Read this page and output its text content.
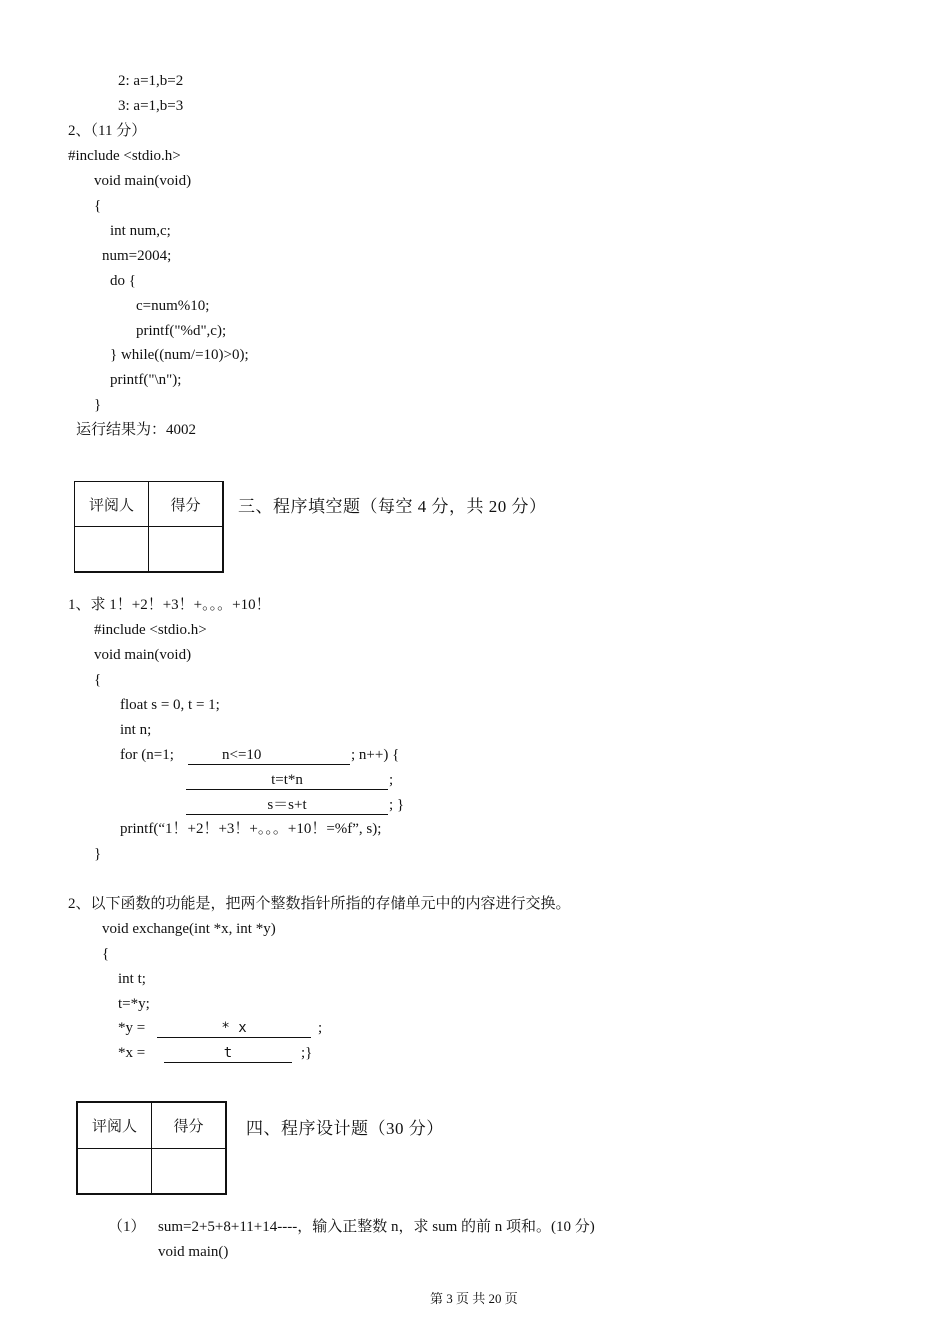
2: a=1,b=2
3: a=1,b=3
2、（11 分）
#include <stdio.h>
void main(void)
{
int num,c;
num=2004;
do {
c=num%10;
printf("%d",c);
} while((num/=10)>0);
printf("\n");
}
运行结果为：4002
评阅人	得分
	三、程序填空题（每空 4 分，共 20 分）
1、求 1！+2！+3！+。。。+10！
#include <stdio.h>
void main(void)
{
float s = 0, t = 1;
int n;
for (n=1;	n<=10	; n++) {
t=t*n	;
s＝s+t	; }
printf(“1！+2！+3！+。。。+10！=%f”, s);
}
2、以下函数的功能是，把两个整数指针所指的存储单元中的内容进行交换。
void exchange(int *x, int *y)
{
int t;
t=*y;
*y =	* x	;
*x =	t	;}
评阅人	得分
		四、程序设计题（30 分）
（1） sum=2+5+8+11+14----，输入正整数 n，求 sum 的前 n 项和。(10 分)
void main()
第 3 页 共 20 页
